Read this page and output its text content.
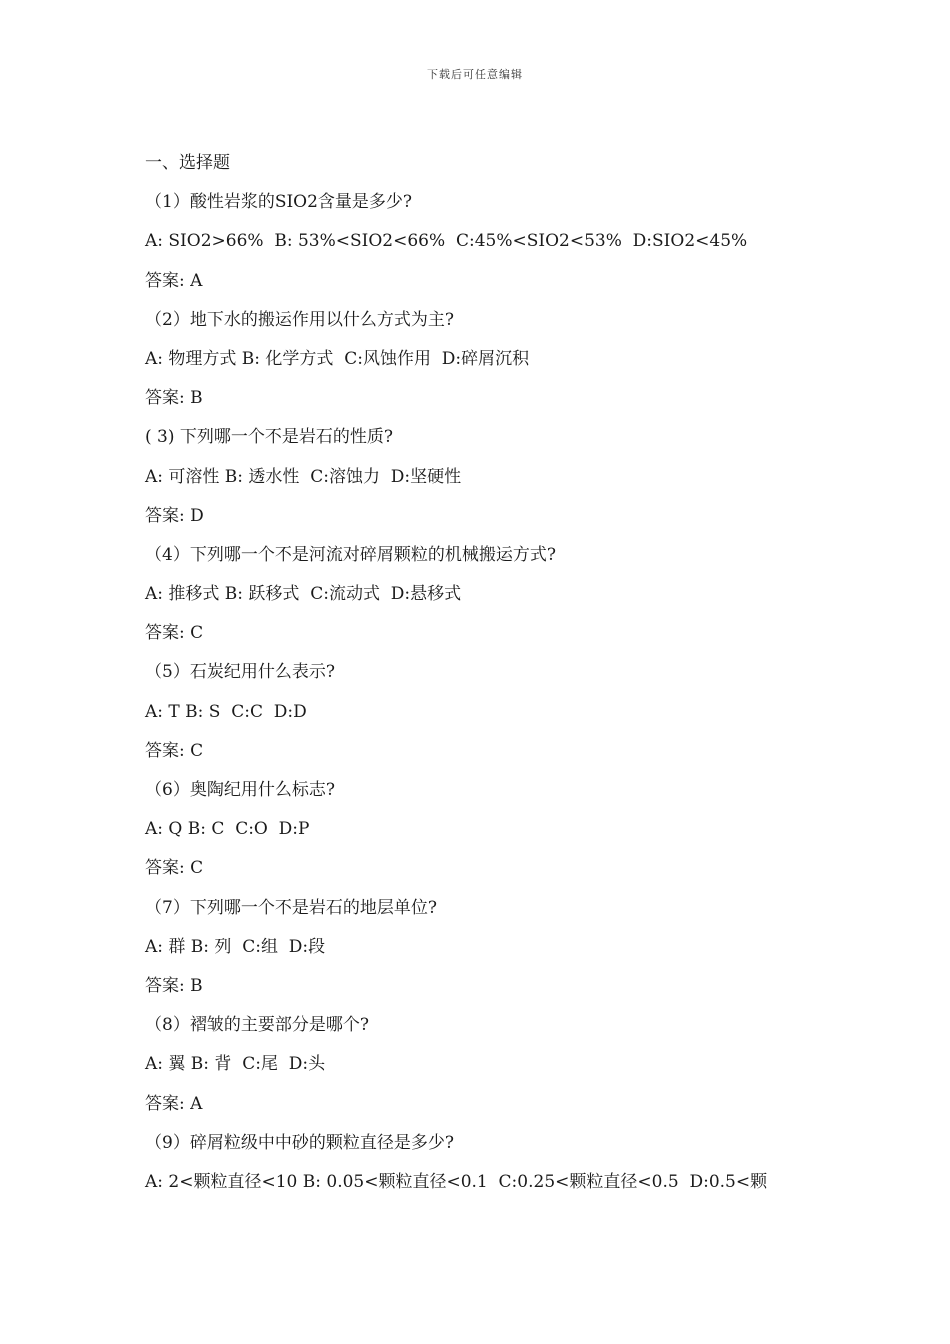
下载后可任意编辑
一、选择题
（1）酸性岩浆的SIO2含量是多少?
A: SIO2>66%  B: 53%<SIO2<66%  C:45%<SIO2<53%  D:SIO2<45%
答案: A
（2）地下水的搬运作用以什么方式为主?
A: 物理方式 B: 化学方式  C:风蚀作用  D:碎屑沉积
答案: B
( 3) 下列哪一个不是岩石的性质?
A: 可溶性 B: 透水性  C:溶蚀力  D:坚硬性
答案: D
（4）下列哪一个不是河流对碎屑颗粒的机械搬运方式?
A: 推移式 B: 跃移式  C:流动式  D:悬移式
答案: C
（5）石炭纪用什么表示?
A: T B: S  C:C  D:D
答案: C
（6）奥陶纪用什么标志?
A: Q B: C  C:O  D:P
答案: C
（7）下列哪一个不是岩石的地层单位?
A: 群 B: 列  C:组  D:段
答案: B
（8）褶皱的主要部分是哪个?
A: 翼 B: 背  C:尾  D:头
答案: A
（9）碎屑粒级中中砂的颗粒直径是多少?
A: 2<颗粒直径<10 B: 0.05<颗粒直径<0.1  C:0.25<颗粒直径<0.5  D:0.5<颗
